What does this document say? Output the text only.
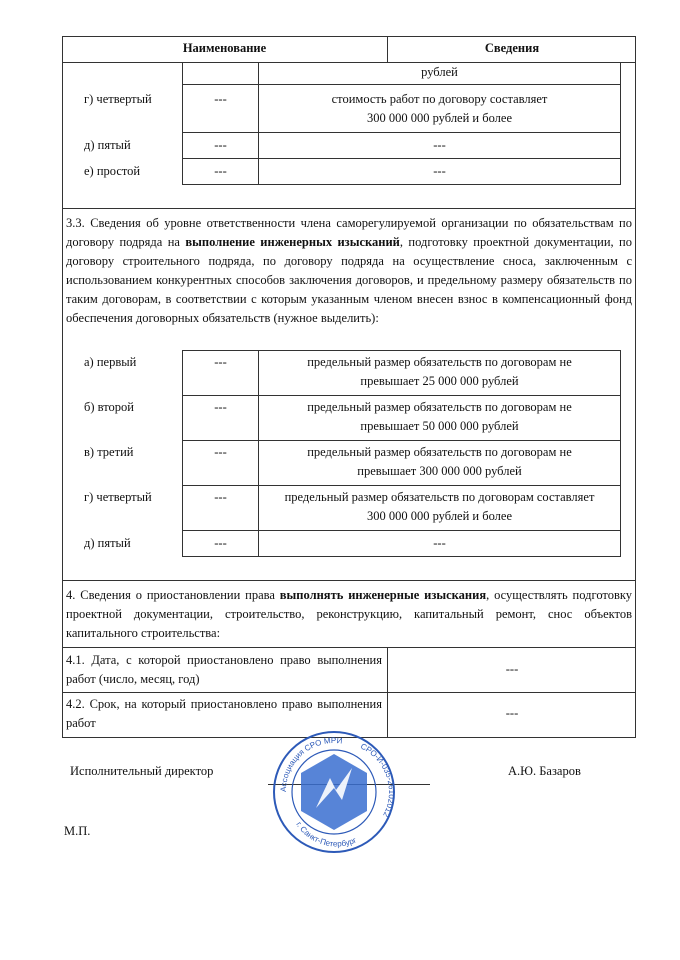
Наименование	Сведения
рублей
г) четвертый	---	стоимость работ по договору составляет
300 000 000 рублей и более
д) пятый	---	---
е) простой	---	---
3.3. Сведения об уровне ответственности члена саморегулируемой организации по обязательствам по договору подряда на выполнение инженерных изысканий, подготовку проектной документации, по договору строительного подряда, по договору подряда на осуществление сноса, заключенным с использованием конкурентных способов заключения договоров, и предельному размеру обязательств по таким договорам, в соответствии с которым указанным членом внесен взнос в компенсационный фонд обеспечения договорных обязательств (нужное выделить):
а) первый	---	предельный размер обязательств по договорам не
превышает 25 000 000 рублей
б) второй	---	предельный размер обязательств по договорам не
превышает 50 000 000 рублей
в) третий	---	предельный размер обязательств по договорам не
превышает 300 000 000 рублей
г) четвертый	---	предельный размер обязательств по договорам составляет
300 000 000 рублей и более
д) пятый	---	---
4. Сведения о приостановлении права выполнять инженерные изыскания, осуществлять подготовку проектной документации, строительство, реконструкцию, капитальный ремонт, снос объектов капитального строительства:
4.1. Дата, с которой приостановлено право выполнения работ (число, месяц, год)
---
4.2. Срок, на который приостановлено право выполнения работ
---
Исполнительный директор	А.Ю. Базаров
М.П.
Ассоциация СРО МРИ
СРО-И-035-26102012
г. Санкт-Петербург
